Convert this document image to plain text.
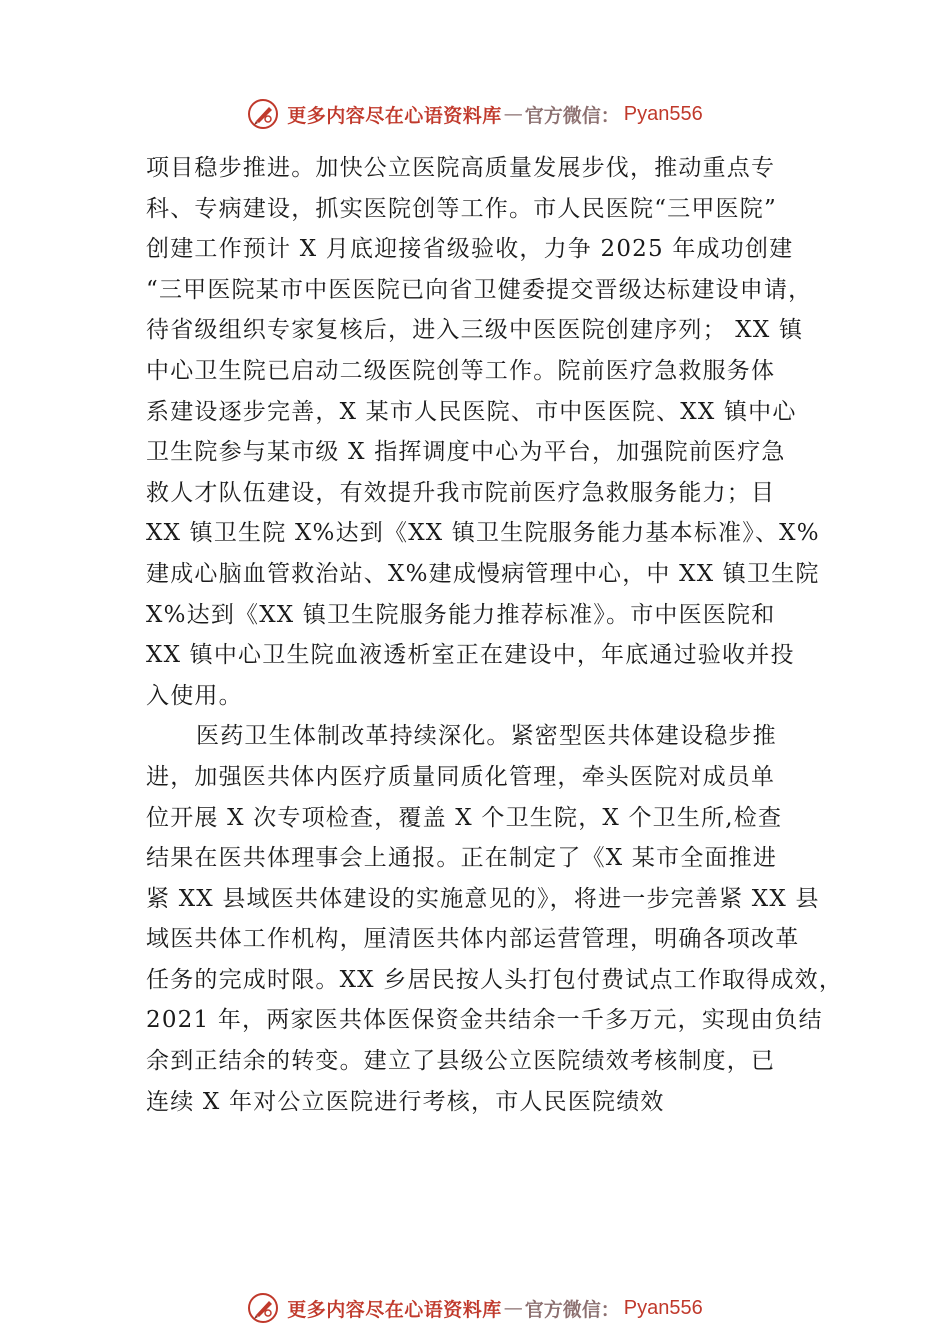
更多内容尽在心语资料库 — 官方微信： Pyan556
项目稳步推进。加快公立医院高质量发展步伐，推动重点专
科、专病建设，抓实医院创等工作。市人民医院“三甲医院”
创建工作预计 X 月底迎接省级验收，力争 2025 年成功创建
“三甲医院某市中医医院已向省卫健委提交晋级达标建设申请，
待省级组织专家复核后，进入三级中医医院创建序列； XX 镇
中心卫生院已启动二级医院创等工作。院前医疗急救服务体
系建设逐步完善，X 某市人民医院、市中医医院、XX 镇中心
卫生院参与某市级 X 指挥调度中心为平台，加强院前医疗急
救人才队伍建设，有效提升我市院前医疗急救服务能力；目
XX 镇卫生院 X%达到《XX 镇卫生院服务能力基本标准》、X%
建成心脑血管救治站、X%建成慢病管理中心，中 XX 镇卫生院
X%达到《XX 镇卫生院服务能力推荐标准》。市中医医院和
XX 镇中心卫生院血液透析室正在建设中，年底通过验收并投
入使用。
医药卫生体制改革持续深化。紧密型医共体建设稳步推
进，加强医共体内医疗质量同质化管理，牵头医院对成员单
位开展 X 次专项检查，覆盖 X 个卫生院，X 个卫生所,检查
结果在医共体理事会上通报。正在制定了《X 某市全面推进
紧 XX 县域医共体建设的实施意见的》，将进一步完善紧 XX 县
域医共体工作机构，厘清医共体内部运营管理，明确各项改革
任务的完成时限。XX 乡居民按人头打包付费试点工作取得成效，
2021 年，两家医共体医保资金共结余一千多万元，实现由负结
余到正结余的转变。建立了县级公立医院绩效考核制度，已
连续 X 年对公立医院进行考核，市人民医院绩效
更多内容尽在心语资料库 — 官方微信： Pyan556
